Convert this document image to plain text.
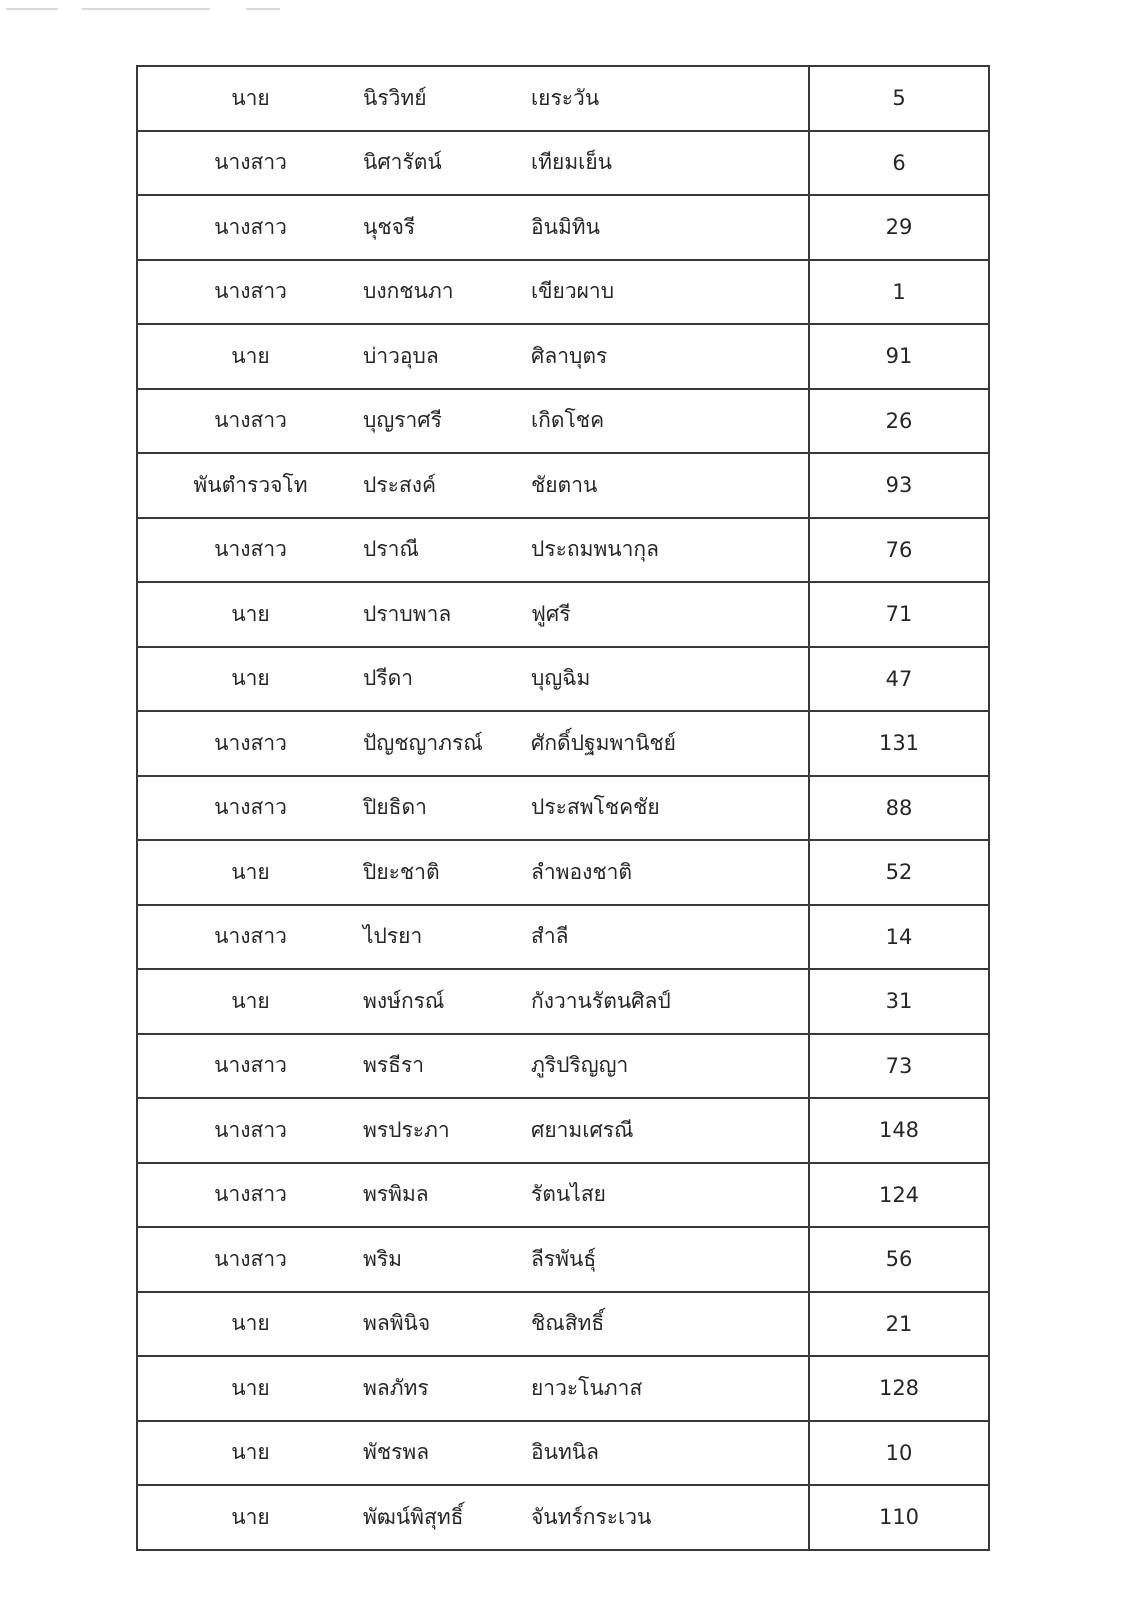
นาย	นิรวิทย์	เยระวัน	5
นางสาว	นิศารัตน์	เทียมเย็น	6
นางสาว	นุชจรี	อินมิทิน	29
นางสาว	บงกชนภา	เขียวผาบ	1
นาย	บ่าวอุบล	ศิลาบุตร	91
นางสาว	บุญราศรี	เกิดโชค	26
พันตำรวจโท	ประสงค์	ชัยตาน	93
นางสาว	ปราณี	ประถมพนากุล	76
นาย	ปราบพาล	ฟูศรี	71
นาย	ปรีดา	บุญฉิม	47
นางสาว	ปัญชญาภรณ์	ศักดิ์ปฐมพานิชย์	131
นางสาว	ปิยธิดา	ประสพโชคชัย	88
นาย	ปิยะชาติ	ลำพองชาติ	52
นางสาว	ไปรยา	สำลี	14
นาย	พงษ์กรณ์	กังวานรัตนศิลป์	31
นางสาว	พรธีรา	ภูริปริญญา	73
นางสาว	พรประภา	ศยามเศรณี	148
นางสาว	พรพิมล	รัตนไสย	124
นางสาว	พริม	ลีรพันธุ์	56
นาย	พลพินิจ	ชิณสิทธิ์	21
นาย	พลภัทร	ยาวะโนภาส	128
นาย	พัชรพล	อินทนิล	10
นาย	พัฒน์พิสุทธิ์	จันทร์กระเวน	110
